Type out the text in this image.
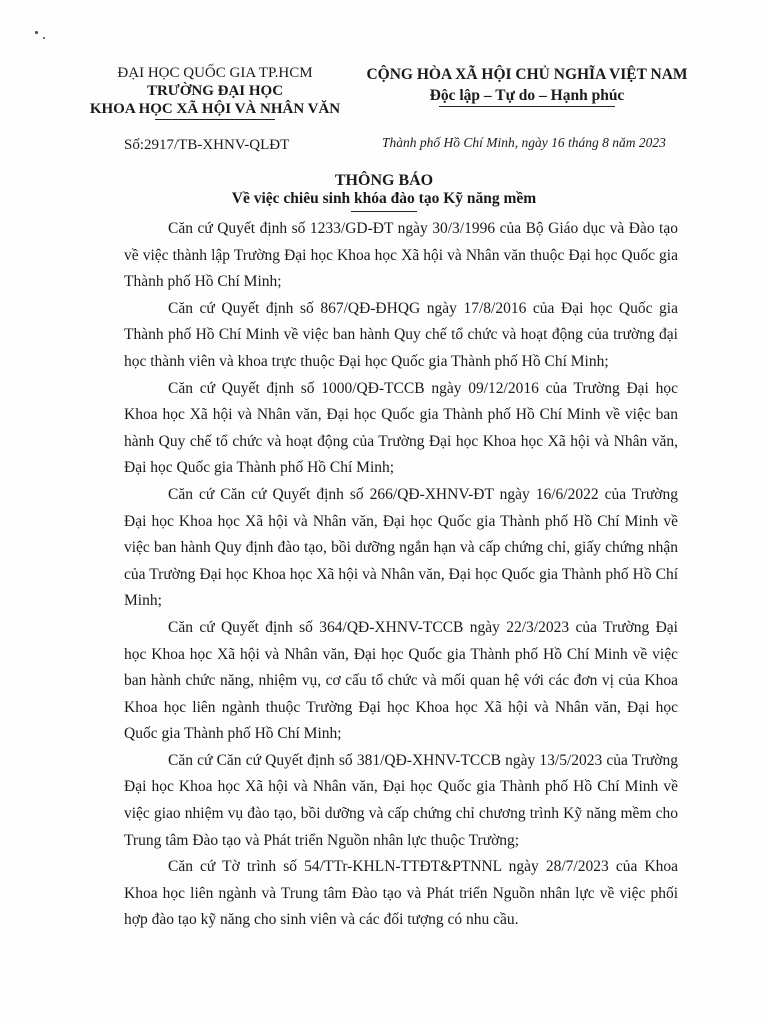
ĐẠI HỌC QUỐC GIA TP.HCM
TRƯỜNG ĐẠI HỌC
KHOA HỌC XÃ HỘI VÀ NHÂN VĂN
Số:2917/TB-XHNV-QLĐT
CỘNG HÒA XÃ HỘI CHỦ NGHĨA VIỆT NAM
Độc lập – Tự do – Hạnh phúc
Thành phố Hồ Chí Minh, ngày 16 tháng 8 năm 2023
THÔNG BÁO
Về việc chiêu sinh khóa đào tạo Kỹ năng mềm

Căn cứ Quyết định số 1233/GD-ĐT ngày 30/3/1996 của Bộ Giáo dục và Đào tạo về việc thành lập Trường Đại học Khoa học Xã hội và Nhân văn thuộc Đại học Quốc gia Thành phố Hồ Chí Minh;

Căn cứ Quyết định số 867/QĐ-ĐHQG ngày 17/8/2016 của Đại học Quốc gia Thành phố Hồ Chí Minh về việc ban hành Quy chế tổ chức và hoạt động của trường đại học thành viên và khoa trực thuộc Đại học Quốc gia Thành phố Hồ Chí Minh;

Căn cứ Quyết định số 1000/QĐ-TCCB ngày 09/12/2016 của Trường Đại học Khoa học Xã hội và Nhân văn, Đại học Quốc gia Thành phố Hồ Chí Minh về việc ban hành Quy chế tổ chức và hoạt động của Trường Đại học Khoa học Xã hội và Nhân văn, Đại học Quốc gia Thành phố Hồ Chí Minh;

Căn cứ Căn cứ Quyết định số 266/QĐ-XHNV-ĐT ngày 16/6/2022 của Trường Đại học Khoa học Xã hội và Nhân văn, Đại học Quốc gia Thành phố Hồ Chí Minh về việc ban hành Quy định đào tạo, bồi dưỡng ngắn hạn và cấp chứng chỉ, giấy chứng nhận của Trường Đại học Khoa học Xã hội và Nhân văn, Đại học Quốc gia Thành phố Hồ Chí Minh;

Căn cứ Quyết định số 364/QĐ-XHNV-TCCB ngày 22/3/2023 của Trường Đại học Khoa học Xã hội và Nhân văn, Đại học Quốc gia Thành phố Hồ Chí Minh về việc ban hành chức năng, nhiệm vụ, cơ cấu tổ chức và mối quan hệ với các đơn vị của Khoa Khoa học liên ngành thuộc Trường Đại học Khoa học Xã hội và Nhân văn, Đại học Quốc gia Thành phố Hồ Chí Minh;

Căn cứ Căn cứ Quyết định số 381/QĐ-XHNV-TCCB ngày 13/5/2023 của Trường Đại học Khoa học Xã hội và Nhân văn, Đại học Quốc gia Thành phố Hồ Chí Minh về việc giao nhiệm vụ đào tạo, bồi dưỡng và cấp chứng chỉ chương trình Kỹ năng mềm cho Trung tâm Đào tạo và Phát triển Nguồn nhân lực thuộc Trường;

Căn cứ Tờ trình số 54/TTr-KHLN-TTĐT&PTNNL ngày 28/7/2023 của Khoa Khoa học liên ngành và Trung tâm Đào tạo và Phát triển Nguồn nhân lực về việc phối hợp đào tạo kỹ năng cho sinh viên và các đối tượng có nhu cầu.
